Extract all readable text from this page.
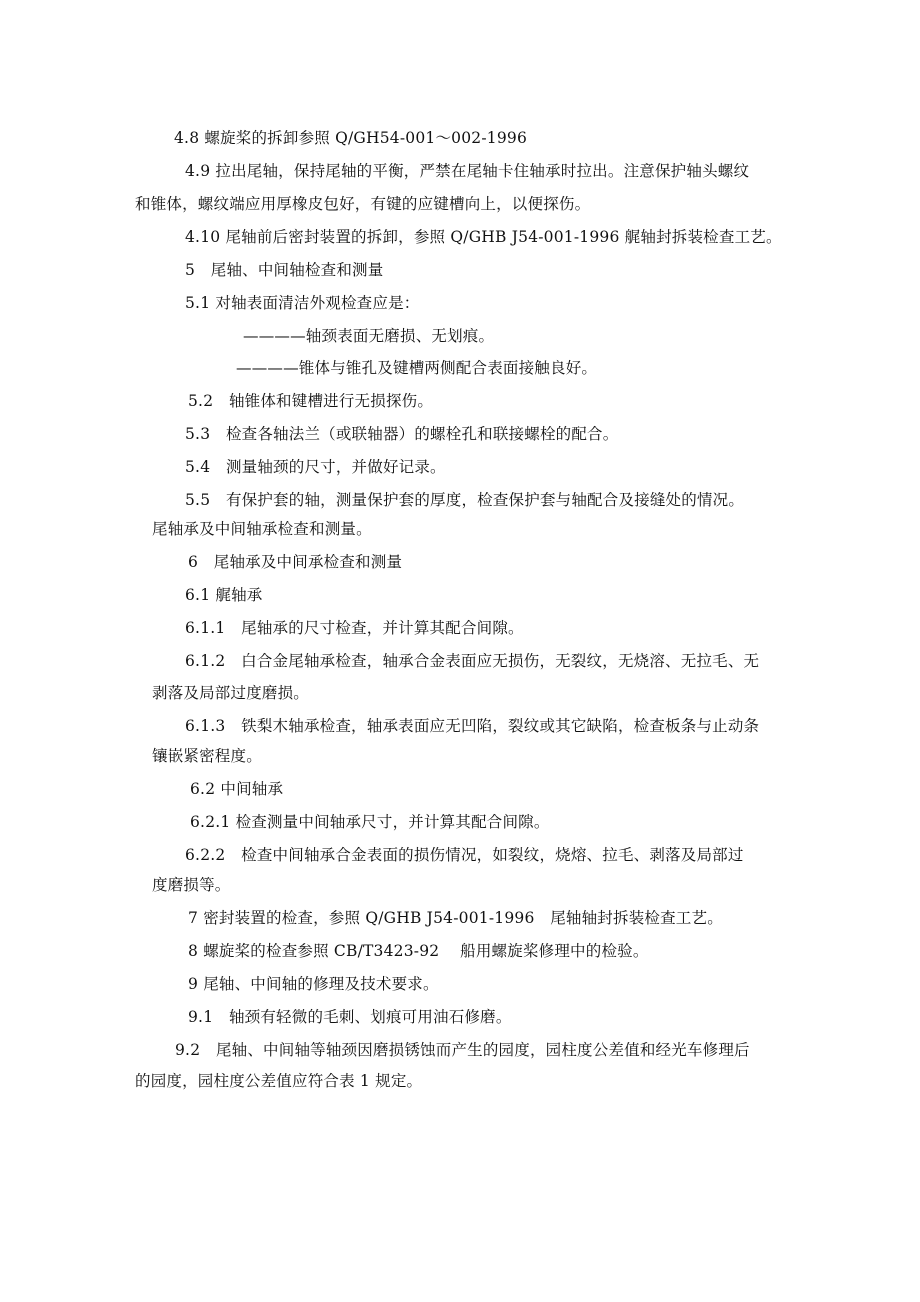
4.8 螺旋桨的拆卸参照 Q/GH54-001～002-1996
4.9 拉出尾轴，保持尾轴的平衡，严禁在尾轴卡住轴承时拉出。注意保护轴头螺纹
和锥体，螺纹端应用厚橡皮包好，有键的应键槽向上，以便探伤。
4.10 尾轴前后密封装置的拆卸，参照 Q/GHB J54-001-1996 艉轴封拆装检查工艺。
5　尾轴、中间轴检查和测量
5.1 对轴表面清洁外观检查应是：
————轴颈表面无磨损、无划痕。
————锥体与锥孔及键槽两侧配合表面接触良好。
5.2　轴锥体和键槽进行无损探伤。
5.3　检查各轴法兰（或联轴器）的螺栓孔和联接螺栓的配合。
5.4　测量轴颈的尺寸，并做好记录。
5.5　有保护套的轴，测量保护套的厚度，检查保护套与轴配合及接缝处的情况。
尾轴承及中间轴承检查和测量。
6　尾轴承及中间承检查和测量
6.1 艉轴承
6.1.1　尾轴承的尺寸检查，并计算其配合间隙。
6.1.2　白合金尾轴承检查，轴承合金表面应无损伤，无裂纹，无烧溶、无拉毛、无
剥落及局部过度磨损。
6.1.3　铁梨木轴承检查，轴承表面应无凹陷，裂纹或其它缺陷，检查板条与止动条
镶嵌紧密程度。
6.2 中间轴承
6.2.1 检查测量中间轴承尺寸，并计算其配合间隙。
6.2.2　检查中间轴承合金表面的损伤情况，如裂纹，烧熔、拉毛、剥落及局部过
度磨损等。
7 密封装置的检查，参照 Q/GHB J54-001-1996　尾轴轴封拆装检查工艺。
8 螺旋桨的检查参照 CB/T3423-92　 船用螺旋桨修理中的检验。
9 尾轴、中间轴的修理及技术要求。
9.1　轴颈有轻微的毛刺、划痕可用油石修磨。
9.2　尾轴、中间轴等轴颈因磨损锈蚀而产生的园度，园柱度公差值和经光车修理后
的园度，园柱度公差值应符合表 1 规定。
